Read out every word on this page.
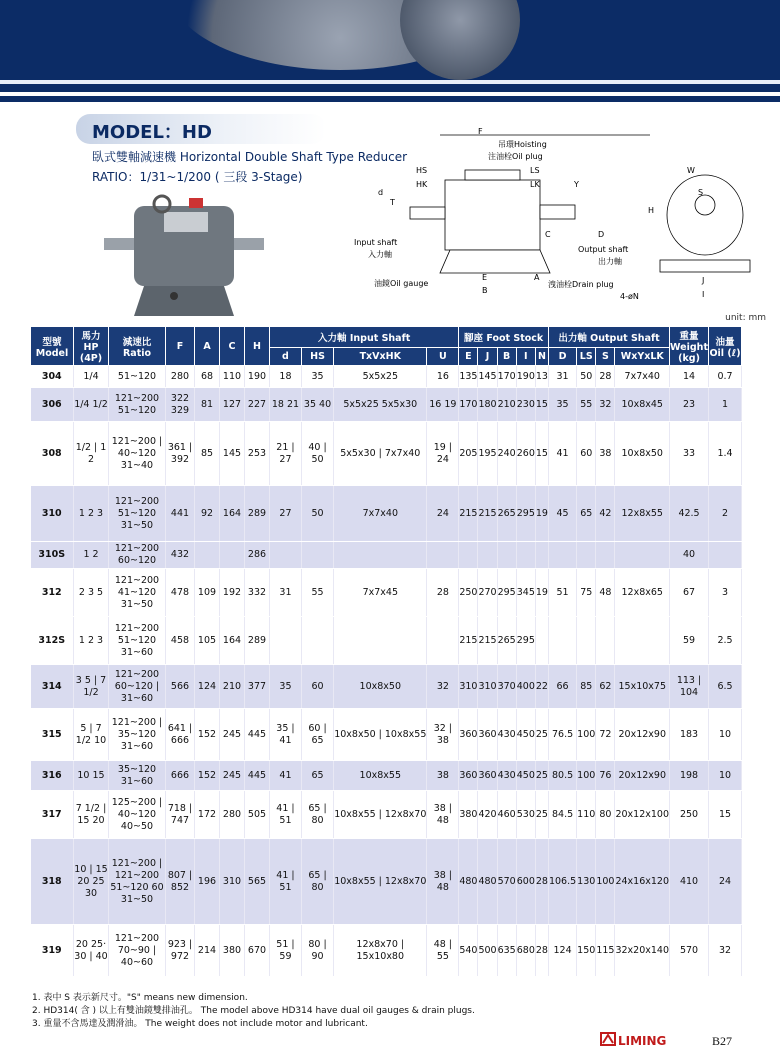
MODEL：HD
臥式雙軸減速機 Horizontal Double Shaft Type Reducer
RATIO：1/31~1/200 ( 三段 3-Stage)
F
吊環Hoisting
注油栓Oil plug
HS
HK
LS
LK	Y
d
T
Input shaft
入力軸
油鏡Oil gauge
E
B
A
C	D
Output shaft
出力軸
洩油栓Drain plug
4-øN
H
J
I
S
W
unit: mm
型號 Model	馬力 HP (4P)	減速比 Ratio	F	A	C	H	入力軸 Input Shaft				腳座 Foot Stock					出力軸 Output Shaft				重量 Weight (kg)	油量 Oil (ℓ)
							d	HS	TxVxHK	U	E	J	B	I	N	D	LS	S	WxYxLK		
304	1/4	51~120	280	68	110	190	18	35	5x5x25	16	135	145	170	190	13	31	50	28	7x7x40	14	0.7
306	1/4 1/2	121~200 51~120	322 329	81	127	227	18 21	35 40	5x5x25 5x5x30	16 19	170	180	210	230	15	35	55	32	10x8x45	23	1
308	1/2 | 1 2	121~200 | 40~120 31~40	361 | 392	85	145	253	21 | 27	40 | 50	5x5x30 | 7x7x40	19 | 24	205	195	240	260	15	41	60	38	10x8x50	33	1.4
310	1 2 3	121~200 51~120 31~50	441	92	164	289	27	50	7x7x40	24	215	215	265	295	19	45	65	42	12x8x55	42.5	2
310S	1 2	121~200 60~120	432			286														40	
312	2 3 5	121~200 41~120 31~50	478	109	192	332	31	55	7x7x45	28	250	270	295	345	19	51	75	48	12x8x65	67	3
312S	1 2 3	121~200 51~120 31~60	458	105	164	289					215	215	265	295						59	2.5
314	3 5 | 7 1/2	121~200 60~120 | 31~60	566	124	210	377	35	60	10x8x50	32	310	310	370	400	22	66	85	62	15x10x75	113 | 104	6.5
315	5 | 7 1/2 10	121~200 | 35~120 31~60	641 | 666	152	245	445	35 | 41	60 | 65	10x8x50 | 10x8x55	32 | 38	360	360	430	450	25	76.5	100	72	20x12x90	183	10
316	10 15	35~120 31~60	666	152	245	445	41	65	10x8x55	38	360	360	430	450	25	80.5	100	76	20x12x90	198	10
317	7 1/2 | 15 20	125~200 | 40~120 40~50	718 | 747	172	280	505	41 | 51	65 | 80	10x8x55 | 12x8x70	38 | 48	380	420	460	530	25	84.5	110	80	20x12x100	250	15
318	10 | 15 20 25 30	121~200 | 121~200 51~120 60 31~50	807 | 852	196	310	565	41 | 51	65 | 80	10x8x55 | 12x8x70	38 | 48	480	480	570	600	28	106.5	130	100	24x16x120	410	24
319	20 25‧30 | 40	121~200 70~90 | 40~60	923 | 972	214	380	670	51 | 59	80 | 90	12x8x70 | 15x10x80	48 | 55	540	500	635	680	28	124	150	115	32x20x140	570	32
1. 表中 S 表示新尺寸。"S" means new dimension.
2. HD314( 含 ) 以上有雙油鏡雙排油孔。 The model above HD314 have dual oil gauges & drain plugs.
3. 重量不含馬達及潤滑油。 The weight does not include motor and lubricant.
LIMING	B27
